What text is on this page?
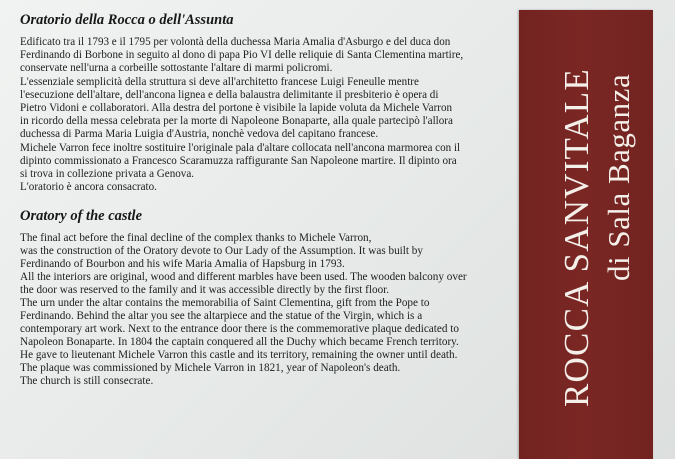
Oratorio della Rocca o dell'Assunta
Edificato tra il 1793 e il 1795 per volontà della duchessa Maria Amalia d'Asburgo e del duca don
Ferdinando di Borbone in seguito al dono di papa Pio VI delle reliquie di Santa Clementina martire,
conservate nell'urna a corbeille sottostante l'altare di marmi policromi.
L'essenziale semplicità della struttura si deve all'architetto francese Luigi Feneulle mentre
l'esecuzione dell'altare, dell'ancona lignea e della balaustra delimitante il presbiterio è opera di
Pietro Vidoni e collaboratori. Alla destra del portone è visibile la lapide voluta da Michele Varron
in ricordo della messa celebrata per la morte di Napoleone Bonaparte, alla quale partecipò l'allora
duchessa di Parma Maria Luigia d'Austria, nonchè vedova del capitano francese.
Michele Varron fece inoltre sostituire l'originale pala d'altare collocata nell'ancona marmorea con il
dipinto commissionato a Francesco Scaramuzza raffigurante San Napoleone martire. Il dipinto ora
si trova in collezione privata a Genova.
L'oratorio è ancora consacrato.
Oratory of the castle
The final act before the final decline of the complex thanks to Michele Varron,
was the construction of the Oratory devote to Our Lady of the Assumption. It was built by
Ferdinando of Bourbon and his wife Maria Amalia of Hapsburg in 1793.
All the interiors are original, wood and different marbles have been used. The wooden balcony over
the door was reserved to the family and it was accessible directly by the first floor.
The urn under the altar contains the memorabilia of Saint Clementina, gift from the Pope to
Ferdinando. Behind the altar you see the altarpiece and the statue of the Virgin, which is a
contemporary art work. Next to the entrance door there is the commemorative plaque dedicated to
Napoleon Bonaparte. In 1804 the captain conquered all the Duchy which became French territory.
He gave to lieutenant Michele Varron this castle and its territory, remaining the owner until death.
The plaque was commissioned by Michele Varron in 1821, year of Napoleon's death.
The church is still consecrate.	ROCCA SANVITALE di Sala Baganza
